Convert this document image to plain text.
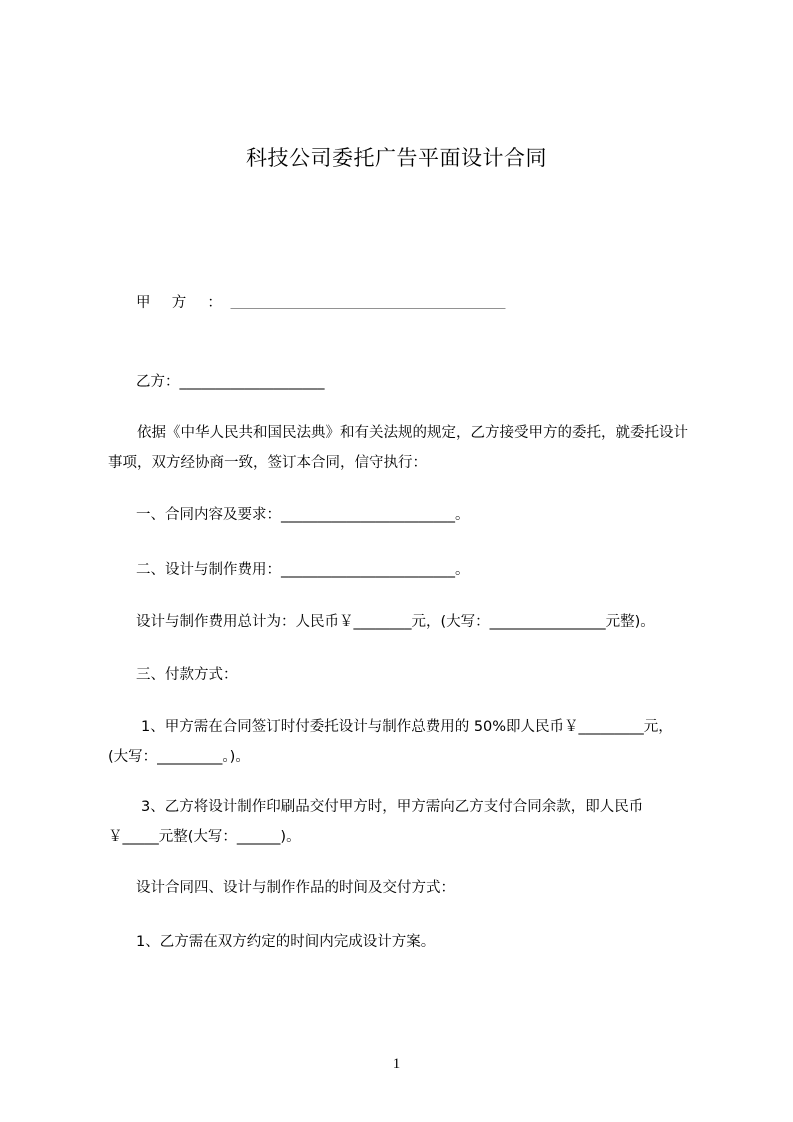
科技公司委托广告平面设计合同
甲  方  ： ＿＿＿＿＿＿＿＿＿＿＿＿＿＿＿＿＿＿＿＿＿＿＿＿＿
乙方：____________________
依据《中华人民共和国民法典》和有关法规的规定，乙方接受甲方的委托，就委托设计事项，双方经协商一致，签订本合同，信守执行：
一、合同内容及要求：________________________。
二、设计与制作费用：________________________。
设计与制作费用总计为：人民币￥________元，(大写：________________元整)。
三、付款方式：
1、甲方需在合同签订时付委托设计与制作总费用的 50%即人民币￥_________元，(大写：_________。)。
3、乙方将设计制作印刷品交付甲方时，甲方需向乙方支付合同余款，即人民币￥_____元整(大写：______)。
设计合同四、设计与制作作品的时间及交付方式：
1、乙方需在双方约定的时间内完成设计方案。
1
